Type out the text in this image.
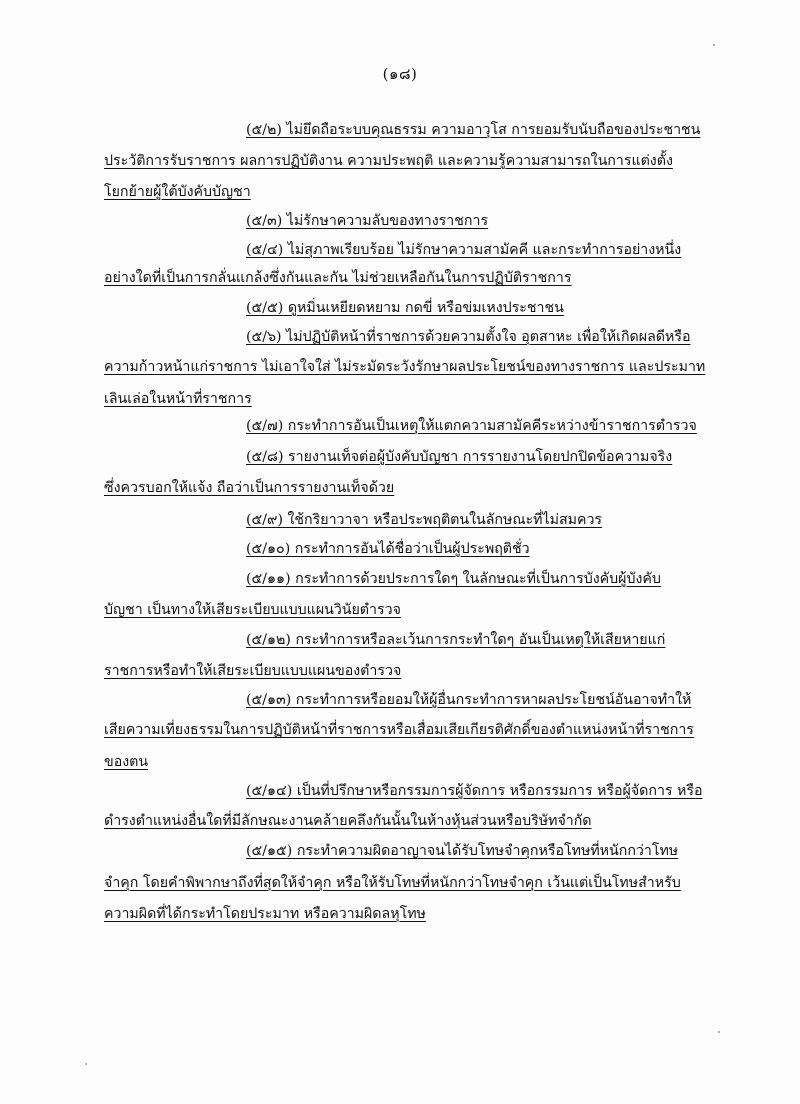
(๑๘)
(๕/๒) ไม่ยึดถือระบบคุณธรรม ความอาวุโส การยอมรับนับถือของประชาชน
ประวัติการรับราชการ ผลการปฏิบัติงาน ความประพฤติ และความรู้ความสามารถในการแต่งตั้ง
โยกย้ายผู้ใต้บังคับบัญชา
(๕/๓) ไม่รักษาความลับของทางราชการ
(๕/๔) ไม่สุภาพเรียบร้อย ไม่รักษาความสามัคคี และกระทำการอย่างหนึ่ง
อย่างใดที่เป็นการกลั่นแกล้งซึ่งกันและกัน ไม่ช่วยเหลือกันในการปฏิบัติราชการ
(๕/๕) ดูหมิ่นเหยียดหยาม กดขี่ หรือข่มเหงประชาชน
(๕/๖) ไม่ปฏิบัติหน้าที่ราชการด้วยความตั้งใจ อุตสาหะ เพื่อให้เกิดผลดีหรือ
ความก้าวหน้าแก่ราชการ ไม่เอาใจใส่ ไม่ระมัดระวังรักษาผลประโยชน์ของทางราชการ และประมาท
เลินเล่อในหน้าที่ราชการ
(๕/๗) กระทำการอันเป็นเหตุให้แตกความสามัคคีระหว่างข้าราชการตำรวจ
(๕/๘) รายงานเท็จต่อผู้บังคับบัญชา การรายงานโดยปกปิดข้อความจริง
ซึ่งควรบอกให้แจ้ง ถือว่าเป็นการรายงานเท็จด้วย
(๕/๙) ใช้กริยาวาจา หรือประพฤติตนในลักษณะที่ไม่สมควร
(๕/๑๐) กระทำการอันได้ชื่อว่าเป็นผู้ประพฤติชั่ว
(๕/๑๑) กระทำการด้วยประการใดๆ ในลักษณะที่เป็นการบังคับผู้บังคับ
บัญชา เป็นทางให้เสียระเบียบแบบแผนวินัยตำรวจ
(๕/๑๒) กระทำการหรือละเว้นการกระทำใดๆ อันเป็นเหตุให้เสียหายแก่
ราชการหรือทำให้เสียระเบียบแบบแผนของตำรวจ
(๕/๑๓) กระทำการหรือยอมให้ผู้อื่นกระทำการหาผลประโยชน์อันอาจทำให้
เสียความเที่ยงธรรมในการปฏิบัติหน้าที่ราชการหรือเสื่อมเสียเกียรติศักดิ์ของตำแหน่งหน้าที่ราชการ
ของตน
(๕/๑๔) เป็นที่ปรึกษาหรือกรรมการผู้จัดการ หรือกรรมการ หรือผู้จัดการ หรือ
ดำรงตำแหน่งอื่นใดที่มีลักษณะงานคล้ายคลึงกันนั้นในห้างหุ้นส่วนหรือบริษัทจำกัด
(๕/๑๕) กระทำความผิดอาญาจนได้รับโทษจำคุกหรือโทษที่หนักกว่าโทษ
จำคุก โดยคำพิพากษาถึงที่สุดให้จำคุก หรือให้รับโทษที่หนักกว่าโทษจำคุก เว้นแต่เป็นโทษสำหรับ
ความผิดที่ได้กระทำโดยประมาท หรือความผิดลหุโทษ
